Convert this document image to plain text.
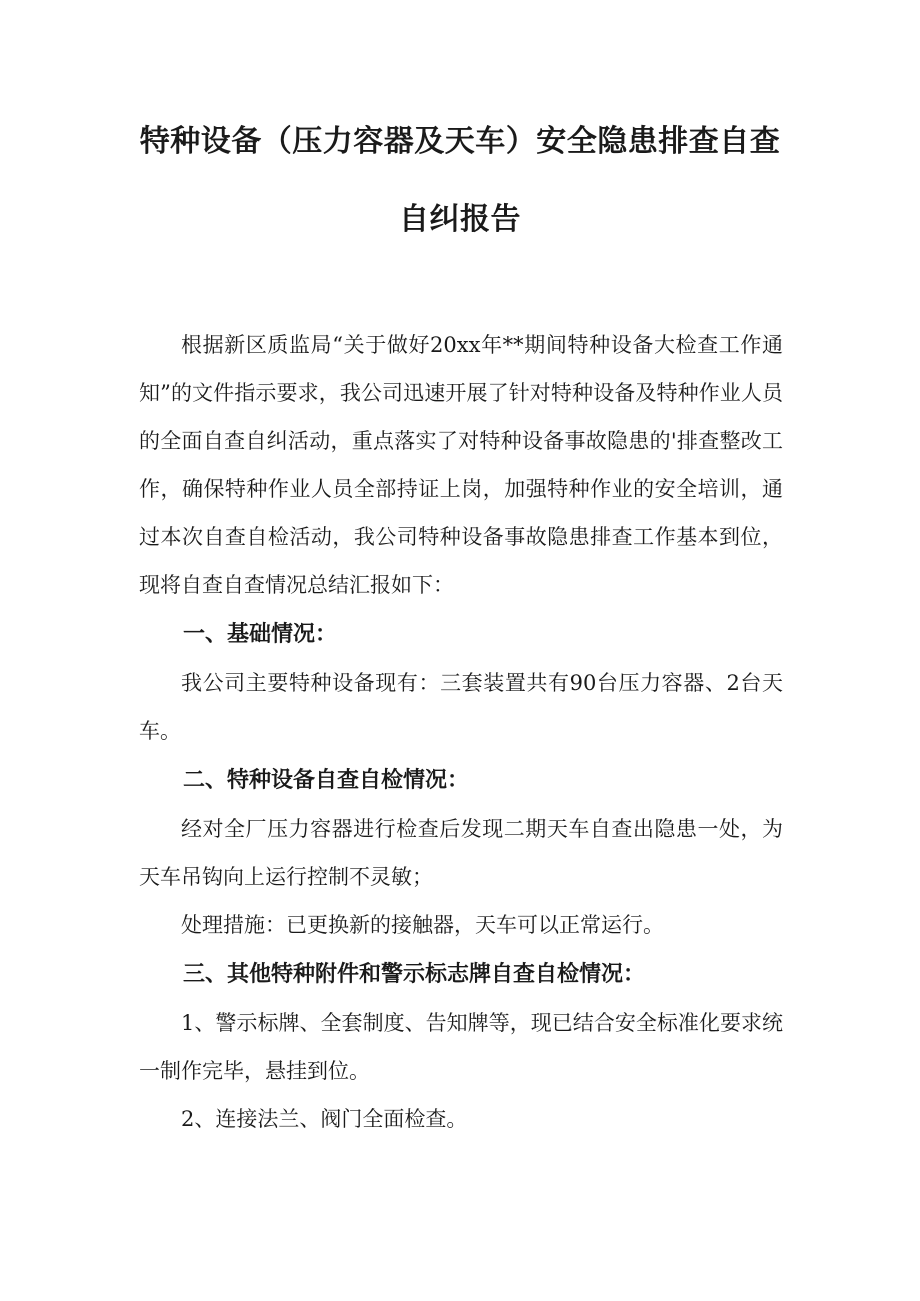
特种设备（压力容器及天车）安全隐患排查自查
自纠报告

根据新区质监局“关于做好20xx年**期间特种设备大检查工作通知”的文件指示要求，我公司迅速开展了针对特种设备及特种作业人员的全面自查自纠活动，重点落实了对特种设备事故隐患的'排查整改工作，确保特种作业人员全部持证上岗，加强特种作业的安全培训，通过本次自查自检活动，我公司特种设备事故隐患排查工作基本到位，现将自查自查情况总结汇报如下：

一、基础情况：

我公司主要特种设备现有：三套装置共有90台压力容器、2台天车。

二、特种设备自查自检情况：

经对全厂压力容器进行检查后发现二期天车自查出隐患一处，为天车吊钩向上运行控制不灵敏；

处理措施：已更换新的接触器，天车可以正常运行。

三、其他特种附件和警示标志牌自查自检情况：

1、警示标牌、全套制度、告知牌等，现已结合安全标准化要求统一制作完毕，悬挂到位。

2、连接法兰、阀门全面检查。
